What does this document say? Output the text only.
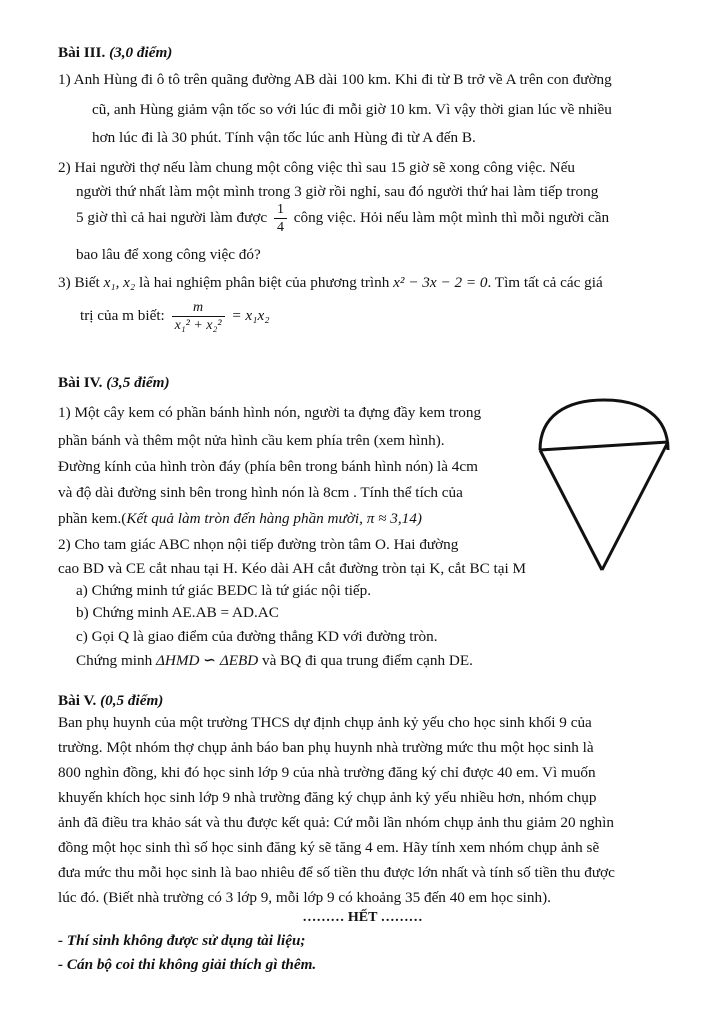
Bài III. (3,0 điểm)
1) Anh Hùng đi ô tô trên quãng đường AB dài 100 km. Khi đi từ B trở về A trên con đường
cũ, anh Hùng giảm vận tốc so với lúc đi mỗi giờ 10 km. Vì vậy thời gian lúc về nhiều
hơn lúc đi là 30 phút. Tính vận tốc lúc anh Hùng đi từ A đến B.
2) Hai người thợ nếu làm chung một công việc thì sau 15 giờ sẽ xong công việc. Nếu
người thứ nhất làm một mình trong 3 giờ rồi nghỉ, sau đó người thứ hai làm tiếp trong
5 giờ thì cả hai người làm được $\frac{1}{4}$ công việc. Hỏi nếu làm một mình thì mỗi người cần
bao lâu để xong công việc đó?
3) Biết x₁, x₂ là hai nghiệm phân biệt của phương trình x² − 3x − 2 = 0. Tìm tất cả các giá
trị của m biết: $\frac{m}{\text{x₁² + x₂²}} = x_1x_2$
Bài IV. (3,5 điểm)
1) Một cây kem có phần bánh hình nón, người ta đựng đầy kem trong
phần bánh và thêm một nửa hình cầu kem phía trên (xem hình).
Đường kính của hình tròn đáy (phía bên trong bánh hình nón) là 4cm
và độ dài đường sinh bên trong hình nón là 8cm . Tính thể tích của
phần kem.(Kết quả làm tròn đến hàng phần mười, π ≈ 3,14)
2) Cho tam giác ABC nhọn nội tiếp đường tròn tâm O. Hai đường
cao BD và CE cắt nhau tại H. Kéo dài AH cắt đường tròn tại K, cắt BC tại M
a) Chứng minh tứ giác BEDC là tứ giác nội tiếp.
b) Chứng minh AE.AB = AD.AC
c) Gọi Q là giao điểm của đường thẳng KD với đường tròn.
Chứng minh ΔHMD ∽ ΔEBD và BQ đi qua trung điểm cạnh DE.
Bài V. (0,5 điểm)
Ban phụ huynh của một trường THCS dự định chụp ảnh kỷ yếu cho học sinh khối 9 của
trường. Một nhóm thợ chụp ảnh báo ban phụ huynh nhà trường mức thu một học sinh là
800 nghìn đồng, khi đó học sinh lớp 9 của nhà trường đăng ký chỉ được 40 em. Vì muốn
khuyến khích học sinh lớp 9 nhà trường đăng ký chụp ảnh kỷ yếu nhiều hơn, nhóm chụp
ảnh đã điều tra khảo sát và thu được kết quả: Cứ mỗi lần nhóm chụp ảnh thu giảm 20 nghìn
đồng một học sinh thì số học sinh đăng ký sẽ tăng 4 em. Hãy tính xem nhóm chụp ảnh sẽ
đưa mức thu mỗi học sinh là bao nhiêu để số tiền thu được lớn nhất và tính số tiền thu được
lúc đó. (Biết nhà trường có 3 lớp 9, mỗi lớp 9 có khoảng 35 đến 40 em học sinh).
……… HẾT ………
- Thí sinh không được sử dụng tài liệu;
- Cán bộ coi thi không giải thích gì thêm.
